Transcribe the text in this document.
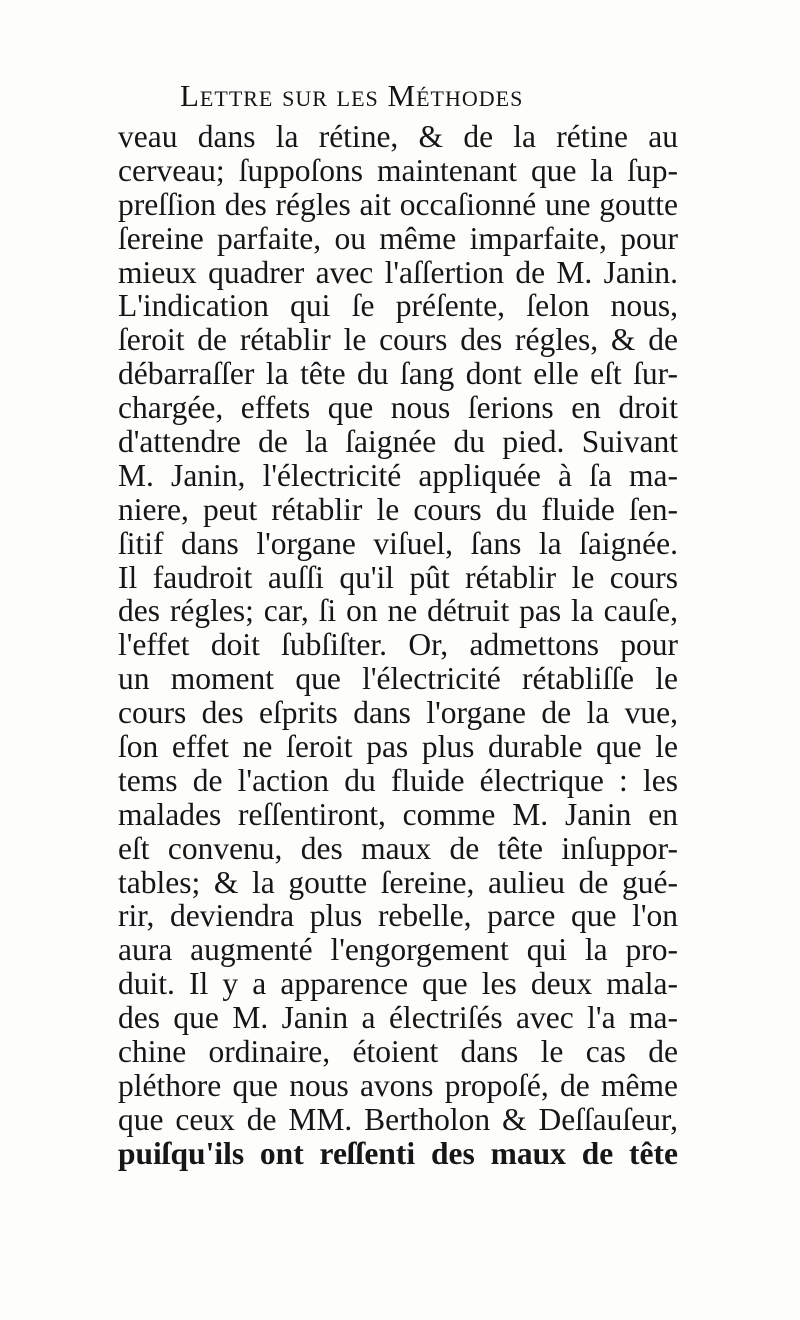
Lettre sur les Méthodes
veau dans la rétine, & de la rétine au
cerveau; ſuppoſons maintenant que la ſup-
preſſion des régles ait occaſionné une goutte
ſereine parfaite, ou même imparfaite, pour
mieux quadrer avec l'aſſertion de M. Janin.
L'indication qui ſe préſente, ſelon nous,
ſeroit de rétablir le cours des régles, & de
débarraſſer la tête du ſang dont elle eſt ſur-
chargée, effets que nous ſerions en droit
d'attendre de la ſaignée du pied. Suivant
M. Janin, l'électricité appliquée à ſa ma-
niere, peut rétablir le cours du fluide ſen-
ſitif dans l'organe viſuel, ſans la ſaignée.
Il faudroit auſſi qu'il pût rétablir le cours
des régles; car, ſi on ne détruit pas la cauſe,
l'effet doit ſubſiſter. Or, admettons pour
un moment que l'électricité rétabliſſe le
cours des eſprits dans l'organe de la vue,
ſon effet ne ſeroit pas plus durable que le
tems de l'action du fluide électrique : les
malades reſſentiront, comme M. Janin en
eſt convenu, des maux de tête inſuppor-
tables; & la goutte ſereine, aulieu de gué-
rir, deviendra plus rebelle, parce que l'on
aura augmenté l'engorgement qui la pro-
duit. Il y a apparence que les deux mala-
des que M. Janin a électriſés avec l'a ma-
chine ordinaire, étoient dans le cas de
pléthore que nous avons propoſé, de même
que ceux de MM. Bertholon & Deſſauſeur,
puiſqu'ils ont reſſenti des maux de tête
